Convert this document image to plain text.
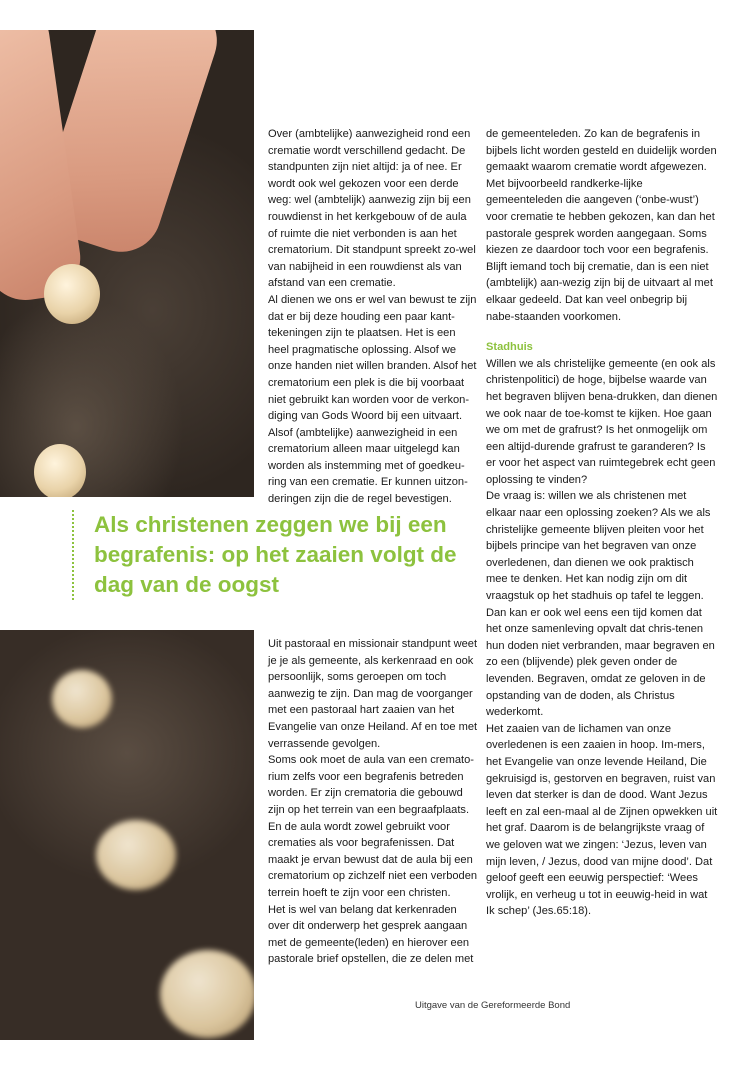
Over (ambtelijke) aanwezigheid rond een crematie wordt verschillend gedacht. De standpunten zijn niet altijd: ja of nee. Er wordt ook wel gekozen voor een derde weg: wel (ambtelijk) aanwezig zijn bij een rouwdienst in het kerkgebouw of de aula of ruimte die niet verbonden is aan het crematorium. Dit standpunt spreekt zo-wel van nabijheid in een rouwdienst als van afstand van een crematie.

Al dienen we ons er wel van bewust te zijn dat er bij deze houding een paar kant-tekeningen zijn te plaatsen. Het is een heel pragmatische oplossing. Alsof we onze handen niet willen branden. Alsof het crematorium een plek is die bij voorbaat niet gebruikt kan worden voor de verkon-diging van Gods Woord bij een uitvaart. Alsof (ambtelijke) aanwezigheid in een crematorium alleen maar uitgelegd kan worden als instemming met of goedkeu-ring van een crematie. Er kunnen uitzon-deringen zijn die de regel bevestigen.

Als christenen zeggen we bij een begrafenis: op het zaaien volgt de dag van de oogst

Uit pastoraal en missionair standpunt weet je je als gemeente, als kerkenraad en ook persoonlijk, soms geroepen om toch aanwezig te zijn. Dan mag de voorganger met een pastoraal hart zaaien van het Evangelie van onze Heiland. Af en toe met verrassende gevolgen.

Soms ook moet de aula van een cremato-rium zelfs voor een begrafenis betreden worden. Er zijn crematoria die gebouwd zijn op het terrein van een begraafplaats. En de aula wordt zowel gebruikt voor crematies als voor begrafenissen. Dat maakt je ervan bewust dat de aula bij een crematorium op zichzelf niet een verboden terrein hoeft te zijn voor een christen.

Het is wel van belang dat kerkenraden over dit onderwerp het gesprek aangaan met de gemeente(leden) en hierover een pastorale brief opstellen, die ze delen met

de gemeenteleden. Zo kan de begrafenis in bijbels licht worden gesteld en duidelijk worden gemaakt waarom crematie wordt afgewezen. Met bijvoorbeeld randkerke-lijke gemeenteleden die aangeven (‘onbe-wust’) voor crematie te hebben gekozen, kan dan het pastorale gesprek worden aangegaan. Soms kiezen ze daardoor toch voor een begrafenis. Blijft iemand toch bij crematie, dan is een niet (ambtelijk) aan-wezig zijn bij de uitvaart al met elkaar gedeeld. Dat kan veel onbegrip bij nabe-staanden voorkomen.

Stadhuis

Willen we als christelijke gemeente (en ook als christenpolitici) de hoge, bijbelse waarde van het begraven blijven bena-drukken, dan dienen we ook naar de toe-komst te kijken. Hoe gaan we om met de grafrust? Is het onmogelijk om een altijd-durende grafrust te garanderen? Is er voor het aspect van ruimtegebrek echt geen oplossing te vinden?

De vraag is: willen we als christenen met elkaar naar een oplossing zoeken? Als we als christelijke gemeente blijven pleiten voor het bijbels principe van het begraven van onze overledenen, dan dienen we ook praktisch mee te denken. Het kan nodig zijn om dit vraagstuk op het stadhuis op tafel te leggen.

Dan kan er ook wel eens een tijd komen dat het onze samenleving opvalt dat chris-tenen hun doden niet verbranden, maar begraven en zo een (blijvende) plek geven onder de levenden. Begraven, omdat ze geloven in de opstanding van de doden, als Christus wederkomt.

Het zaaien van de lichamen van onze overledenen is een zaaien in hoop. Im-mers, het Evangelie van onze levende Heiland, Die gekruisigd is, gestorven en begraven, ruist van leven dat sterker is dan de dood. Want Jezus leeft en zal een-maal al de Zijnen opwekken uit het graf. Daarom is de belangrijkste vraag of we geloven wat we zingen: ‘Jezus, leven van mijn leven, / Jezus, dood van mijne dood’. Dat geloof geeft een eeuwig perspectief: ‘Wees vrolijk, en verheug u tot in eeuwig-heid in wat Ik schep’ (Jes.65:18).

Uitgave van de Gereformeerde Bond
